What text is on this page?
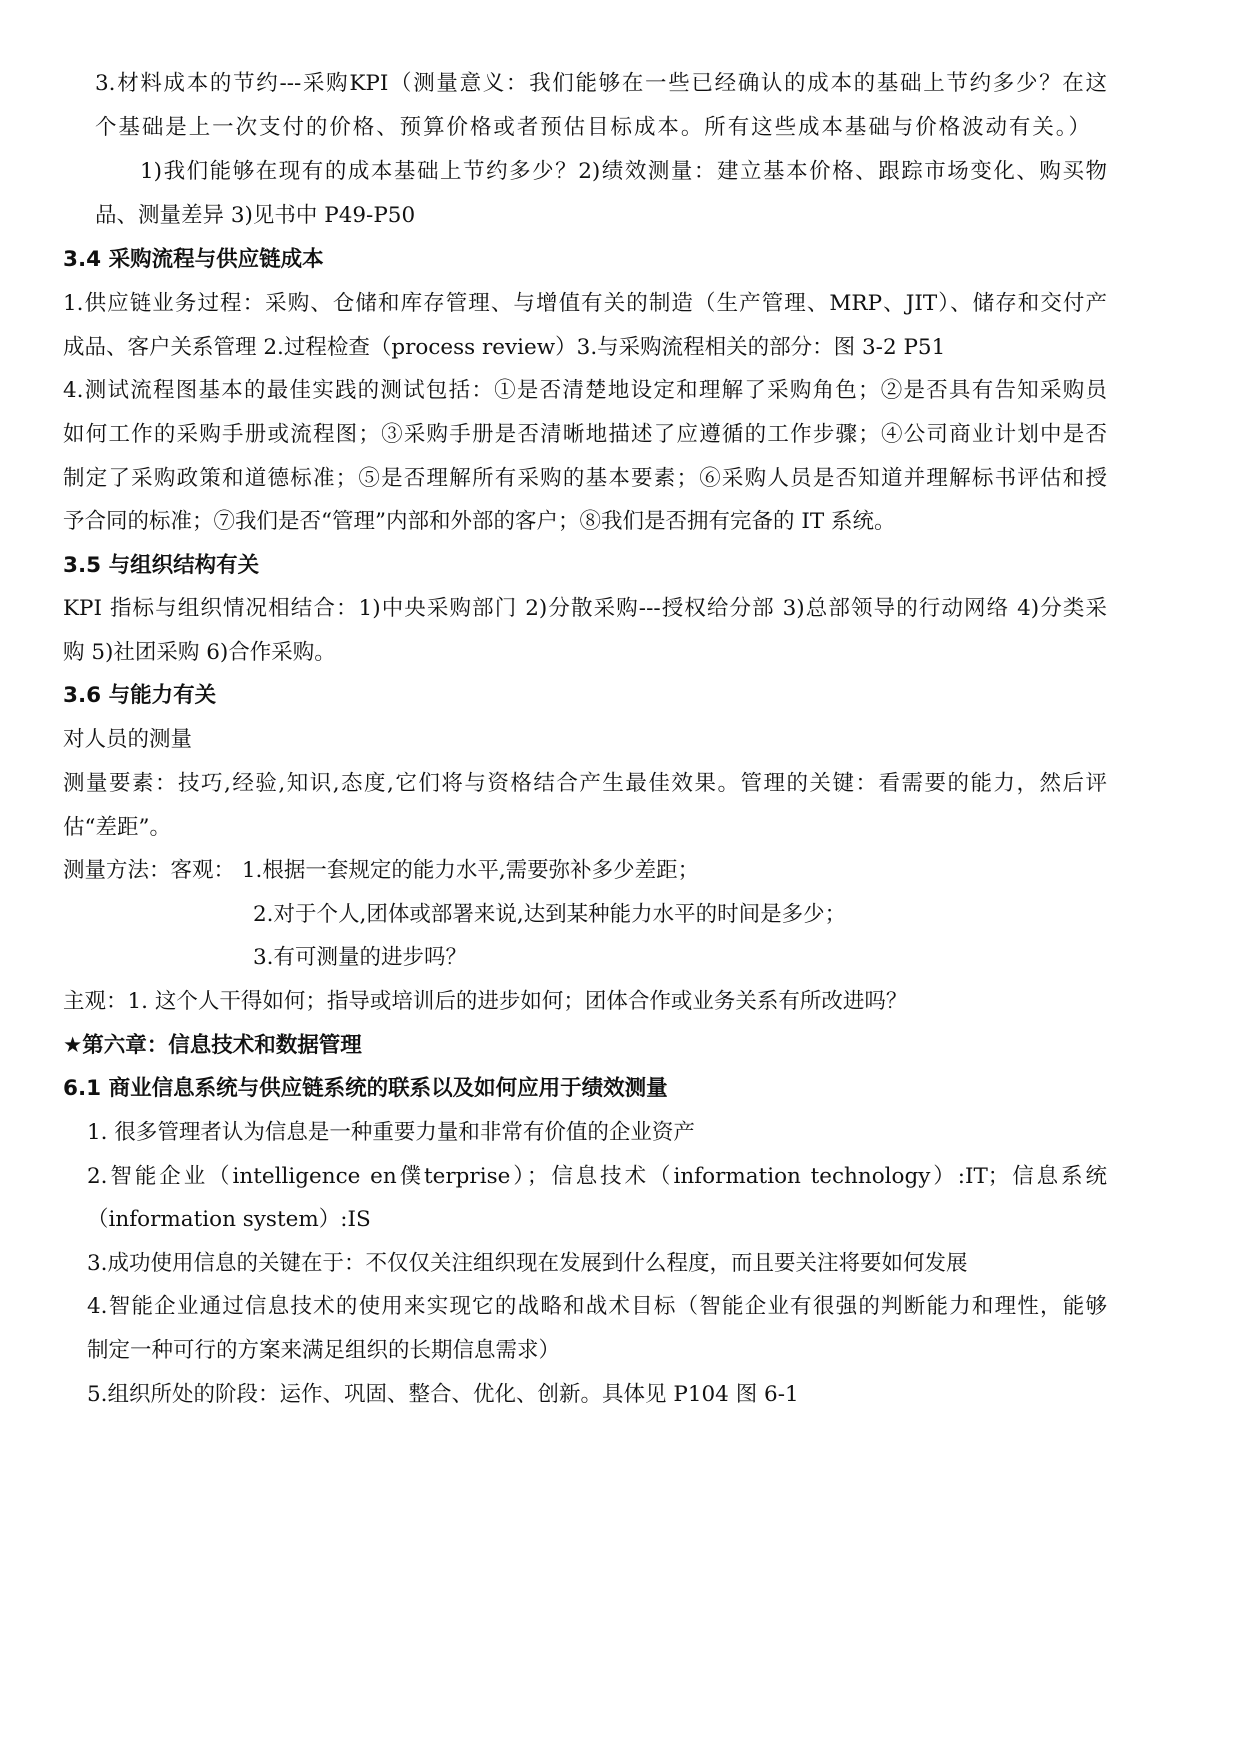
3.材料成本的节约---采购KPI（测量意义：我们能够在一些已经确认的成本的基础上节约多少？在这
个基础是上一次支付的价格、预算价格或者预估目标成本。所有这些成本基础与价格波动有关。）
1)我们能够在现有的成本基础上节约多少？2)绩效测量：建立基本价格、跟踪市场变化、购买物
品、测量差异 3)见书中 P49-P50
3.4 采购流程与供应链成本
1.供应链业务过程：采购、仓储和库存管理、与增值有关的制造（生产管理、MRP、JIT）、储存和交付产
成品、客户关系管理 2.过程检查（process review）3.与采购流程相关的部分：图 3-2 P51
4.测试流程图基本的最佳实践的测试包括：①是否清楚地设定和理解了采购角色；②是否具有告知采购员
如何工作的采购手册或流程图；③采购手册是否清晰地描述了应遵循的工作步骤；④公司商业计划中是否
制定了采购政策和道德标准；⑤是否理解所有采购的基本要素；⑥采购人员是否知道并理解标书评估和授
予合同的标准；⑦我们是否“管理”内部和外部的客户；⑧我们是否拥有完备的 IT 系统。
3.5 与组织结构有关
KPI 指标与组织情况相结合：1)中央采购部门 2)分散采购---授权给分部 3)总部领导的行动网络 4)分类采
购 5)社团采购 6)合作采购。
3.6 与能力有关
对人员的测量
测量要素：技巧,经验,知识,态度,它们将与资格结合产生最佳效果。管理的关键：看需要的能力，然后评
估“差距”。
测量方法：客观： 1.根据一套规定的能力水平,需要弥补多少差距；
2.对于个人,团体或部署来说,达到某种能力水平的时间是多少；
3.有可测量的进步吗？
主观：1. 这个人干得如何；指导或培训后的进步如何；团体合作或业务关系有所改进吗？
★第六章：信息技术和数据管理
6.1 商业信息系统与供应链系统的联系以及如何应用于绩效测量
1. 很多管理者认为信息是一种重要力量和非常有价值的企业资产
2.智能企业（intelligence en僕terprise）；信息技术（information technology）:IT；信息系统
（information system）:IS
3.成功使用信息的关键在于：不仅仅关注组织现在发展到什么程度，而且要关注将要如何发展
4.智能企业通过信息技术的使用来实现它的战略和战术目标（智能企业有很强的判断能力和理性，能够
制定一种可行的方案来满足组织的长期信息需求）
5.组织所处的阶段：运作、巩固、整合、优化、创新。具体见 P104 图 6-1
